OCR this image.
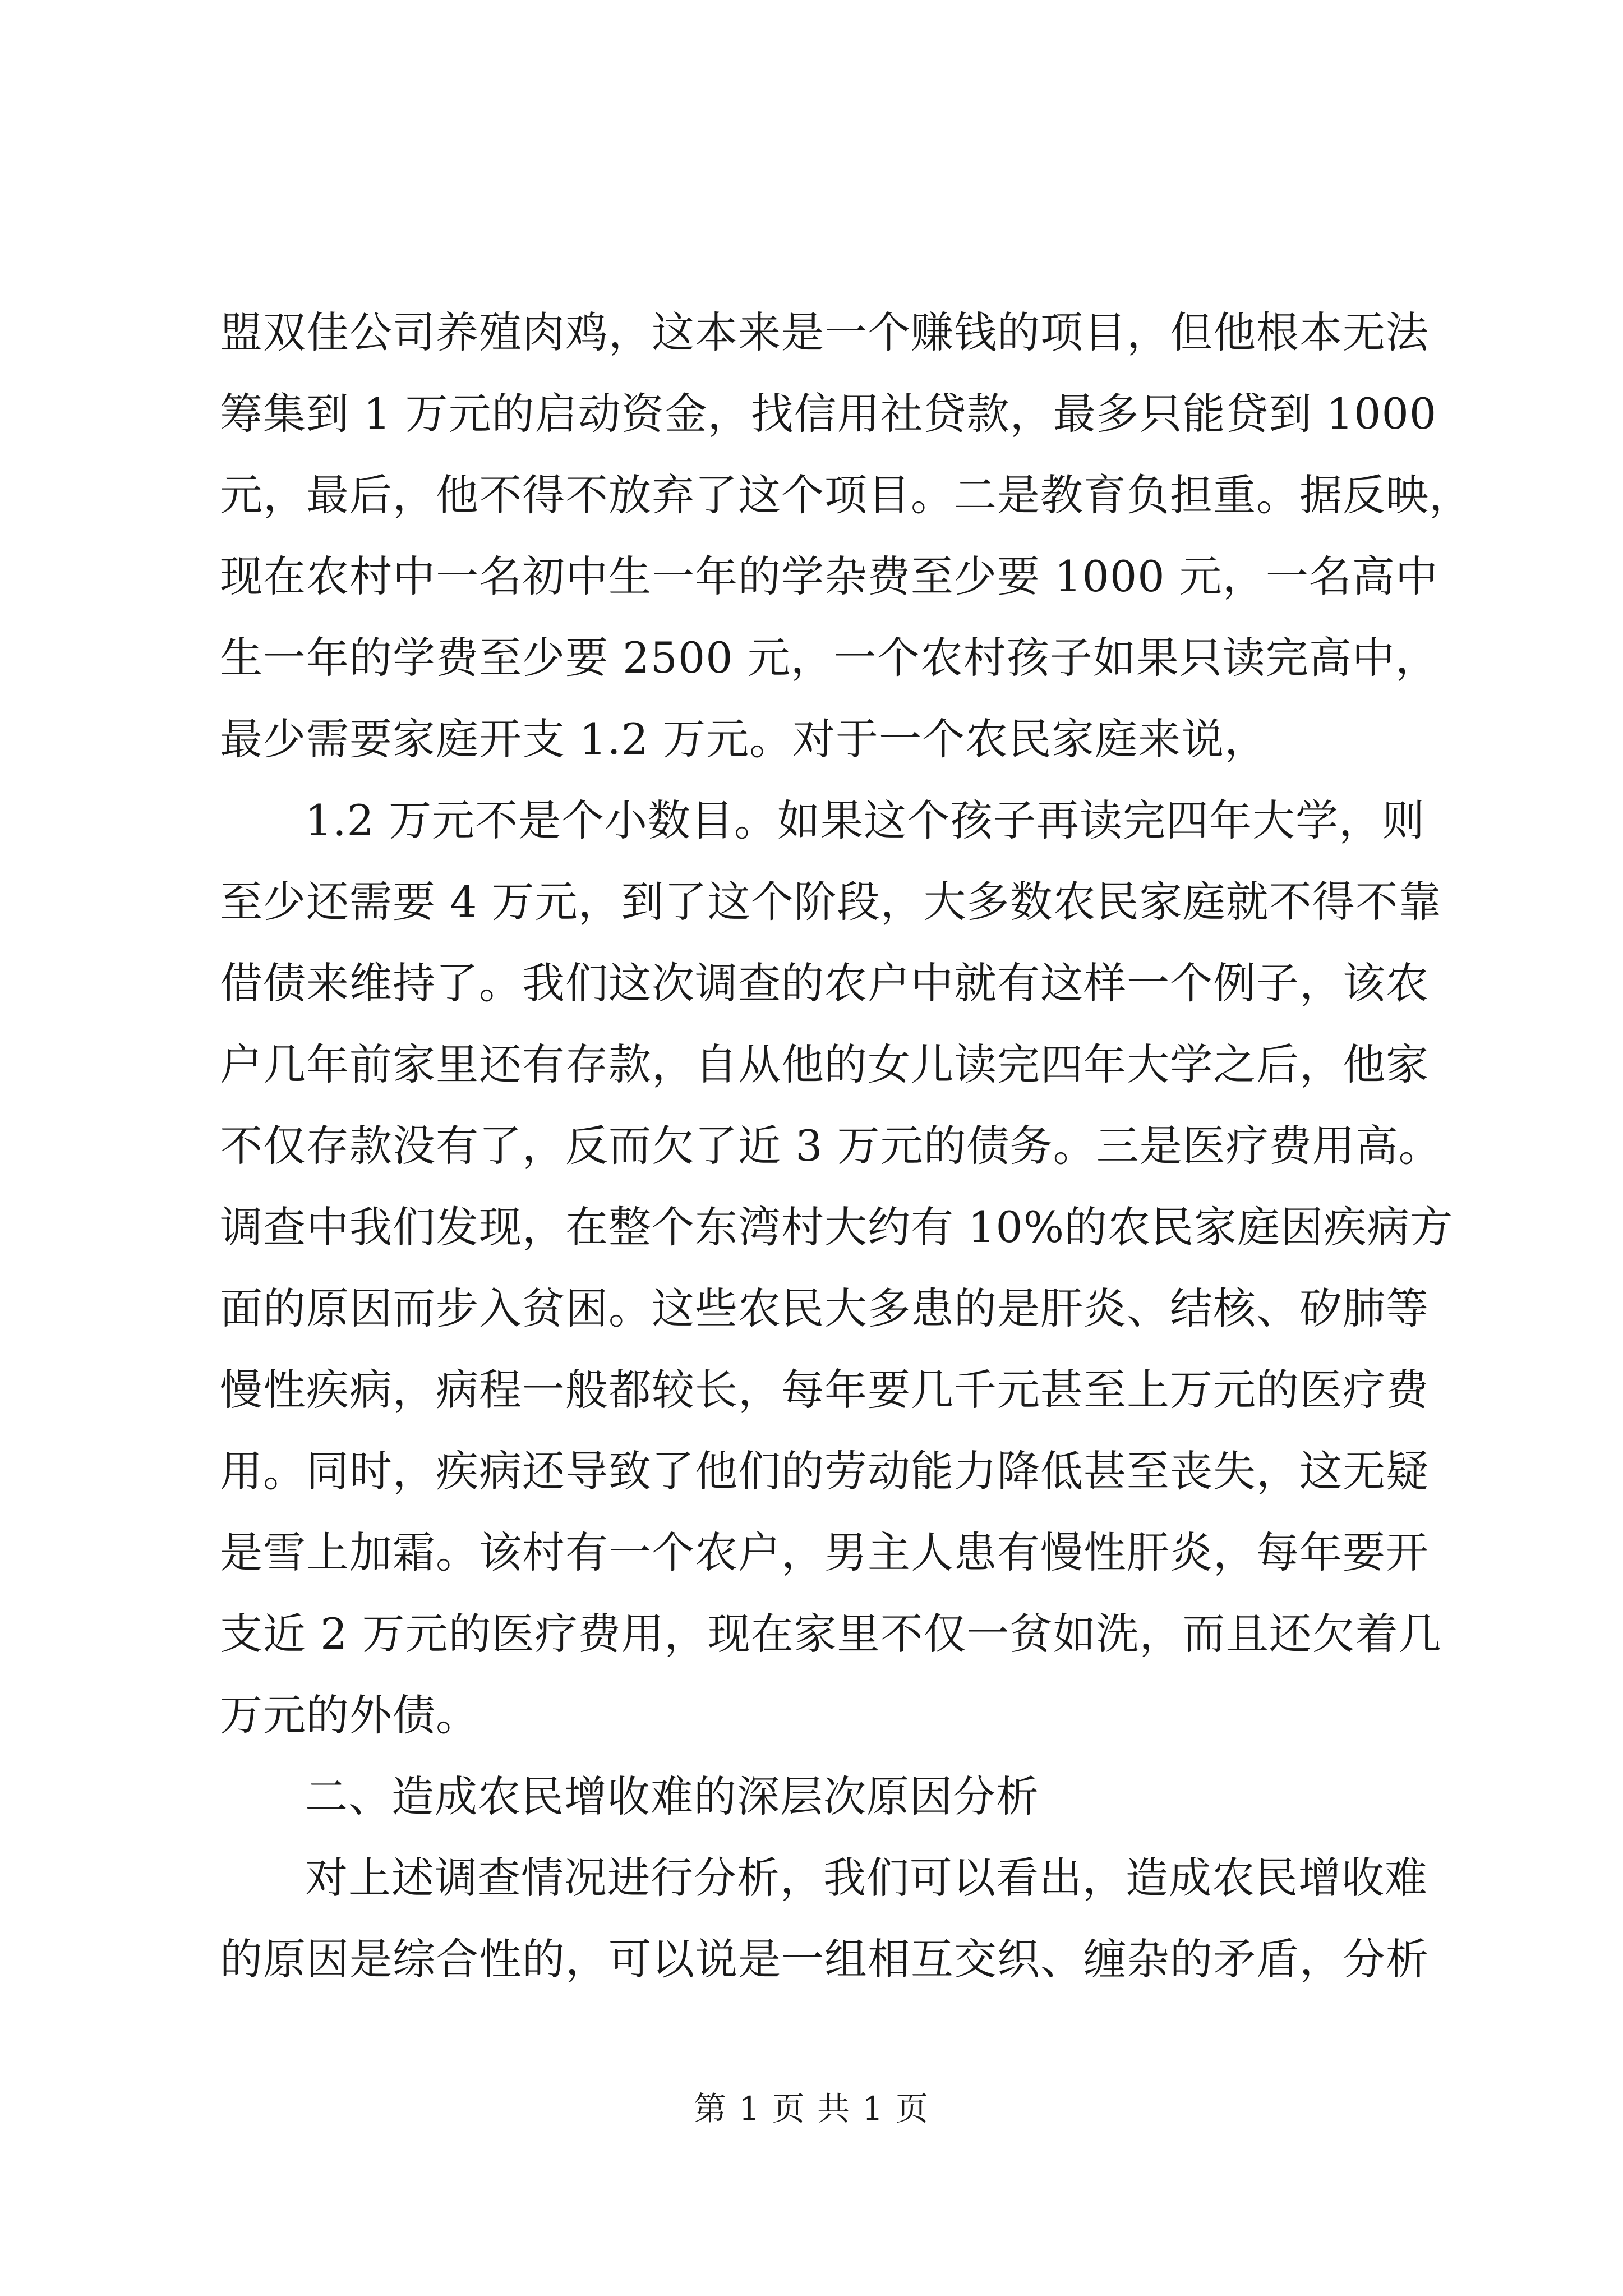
盟双佳公司养殖肉鸡，这本来是一个赚钱的项目，但他根本无法
筹集到 1 万元的启动资金，找信用社贷款，最多只能贷到 1000
元，最后，他不得不放弃了这个项目。二是教育负担重。据反映，
现在农村中一名初中生一年的学杂费至少要 1000 元，一名高中
生一年的学费至少要 2500 元，一个农村孩子如果只读完高中，
最少需要家庭开支 1.2 万元。对于一个农民家庭来说，
1.2 万元不是个小数目。如果这个孩子再读完四年大学，则
至少还需要 4 万元，到了这个阶段，大多数农民家庭就不得不靠
借债来维持了。我们这次调查的农户中就有这样一个例子，该农
户几年前家里还有存款，自从他的女儿读完四年大学之后，他家
不仅存款没有了，反而欠了近 3 万元的债务。三是医疗费用高。
调查中我们发现，在整个东湾村大约有 10%的农民家庭因疾病方
面的原因而步入贫困。这些农民大多患的是肝炎、结核、矽肺等
慢性疾病，病程一般都较长，每年要几千元甚至上万元的医疗费
用。同时，疾病还导致了他们的劳动能力降低甚至丧失，这无疑
是雪上加霜。该村有一个农户，男主人患有慢性肝炎，每年要开
支近 2 万元的医疗费用，现在家里不仅一贫如洗，而且还欠着几
万元的外债。
二、造成农民增收难的深层次原因分析
对上述调查情况进行分析，我们可以看出，造成农民增收难
的原因是综合性的，可以说是一组相互交织、缠杂的矛盾，分析
第 1 页 共 1 页
